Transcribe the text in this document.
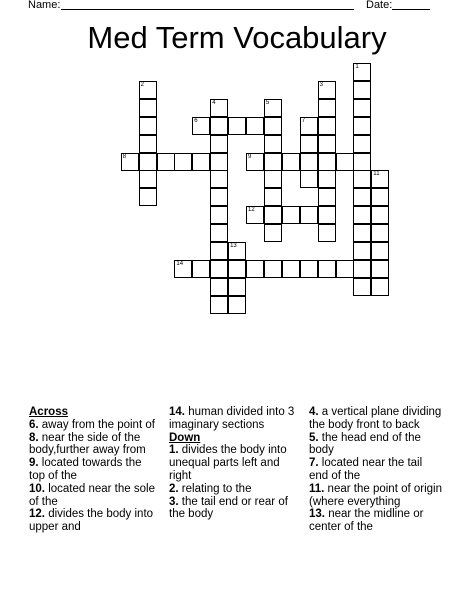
Name:	Date:
Med Term Vocabulary
1
2	3
4	5
6	7
8	9
11
12
13
14

Across

6. away from the point of

8. near the side of the body,further away from

9. located towards the top of the

10. located near the sole of the

12. divides the body into upper and

14. human divided into 3 imaginary sections

Down

1. divides the body into unequal parts left and right

2. relating to the

3. the tail end or rear of the body

4. a vertical plane dividing the body front to back

5. the head end of the body

7. located near the tail end of the

11. near the point of origin (where everything

13. near the midline or center of the
